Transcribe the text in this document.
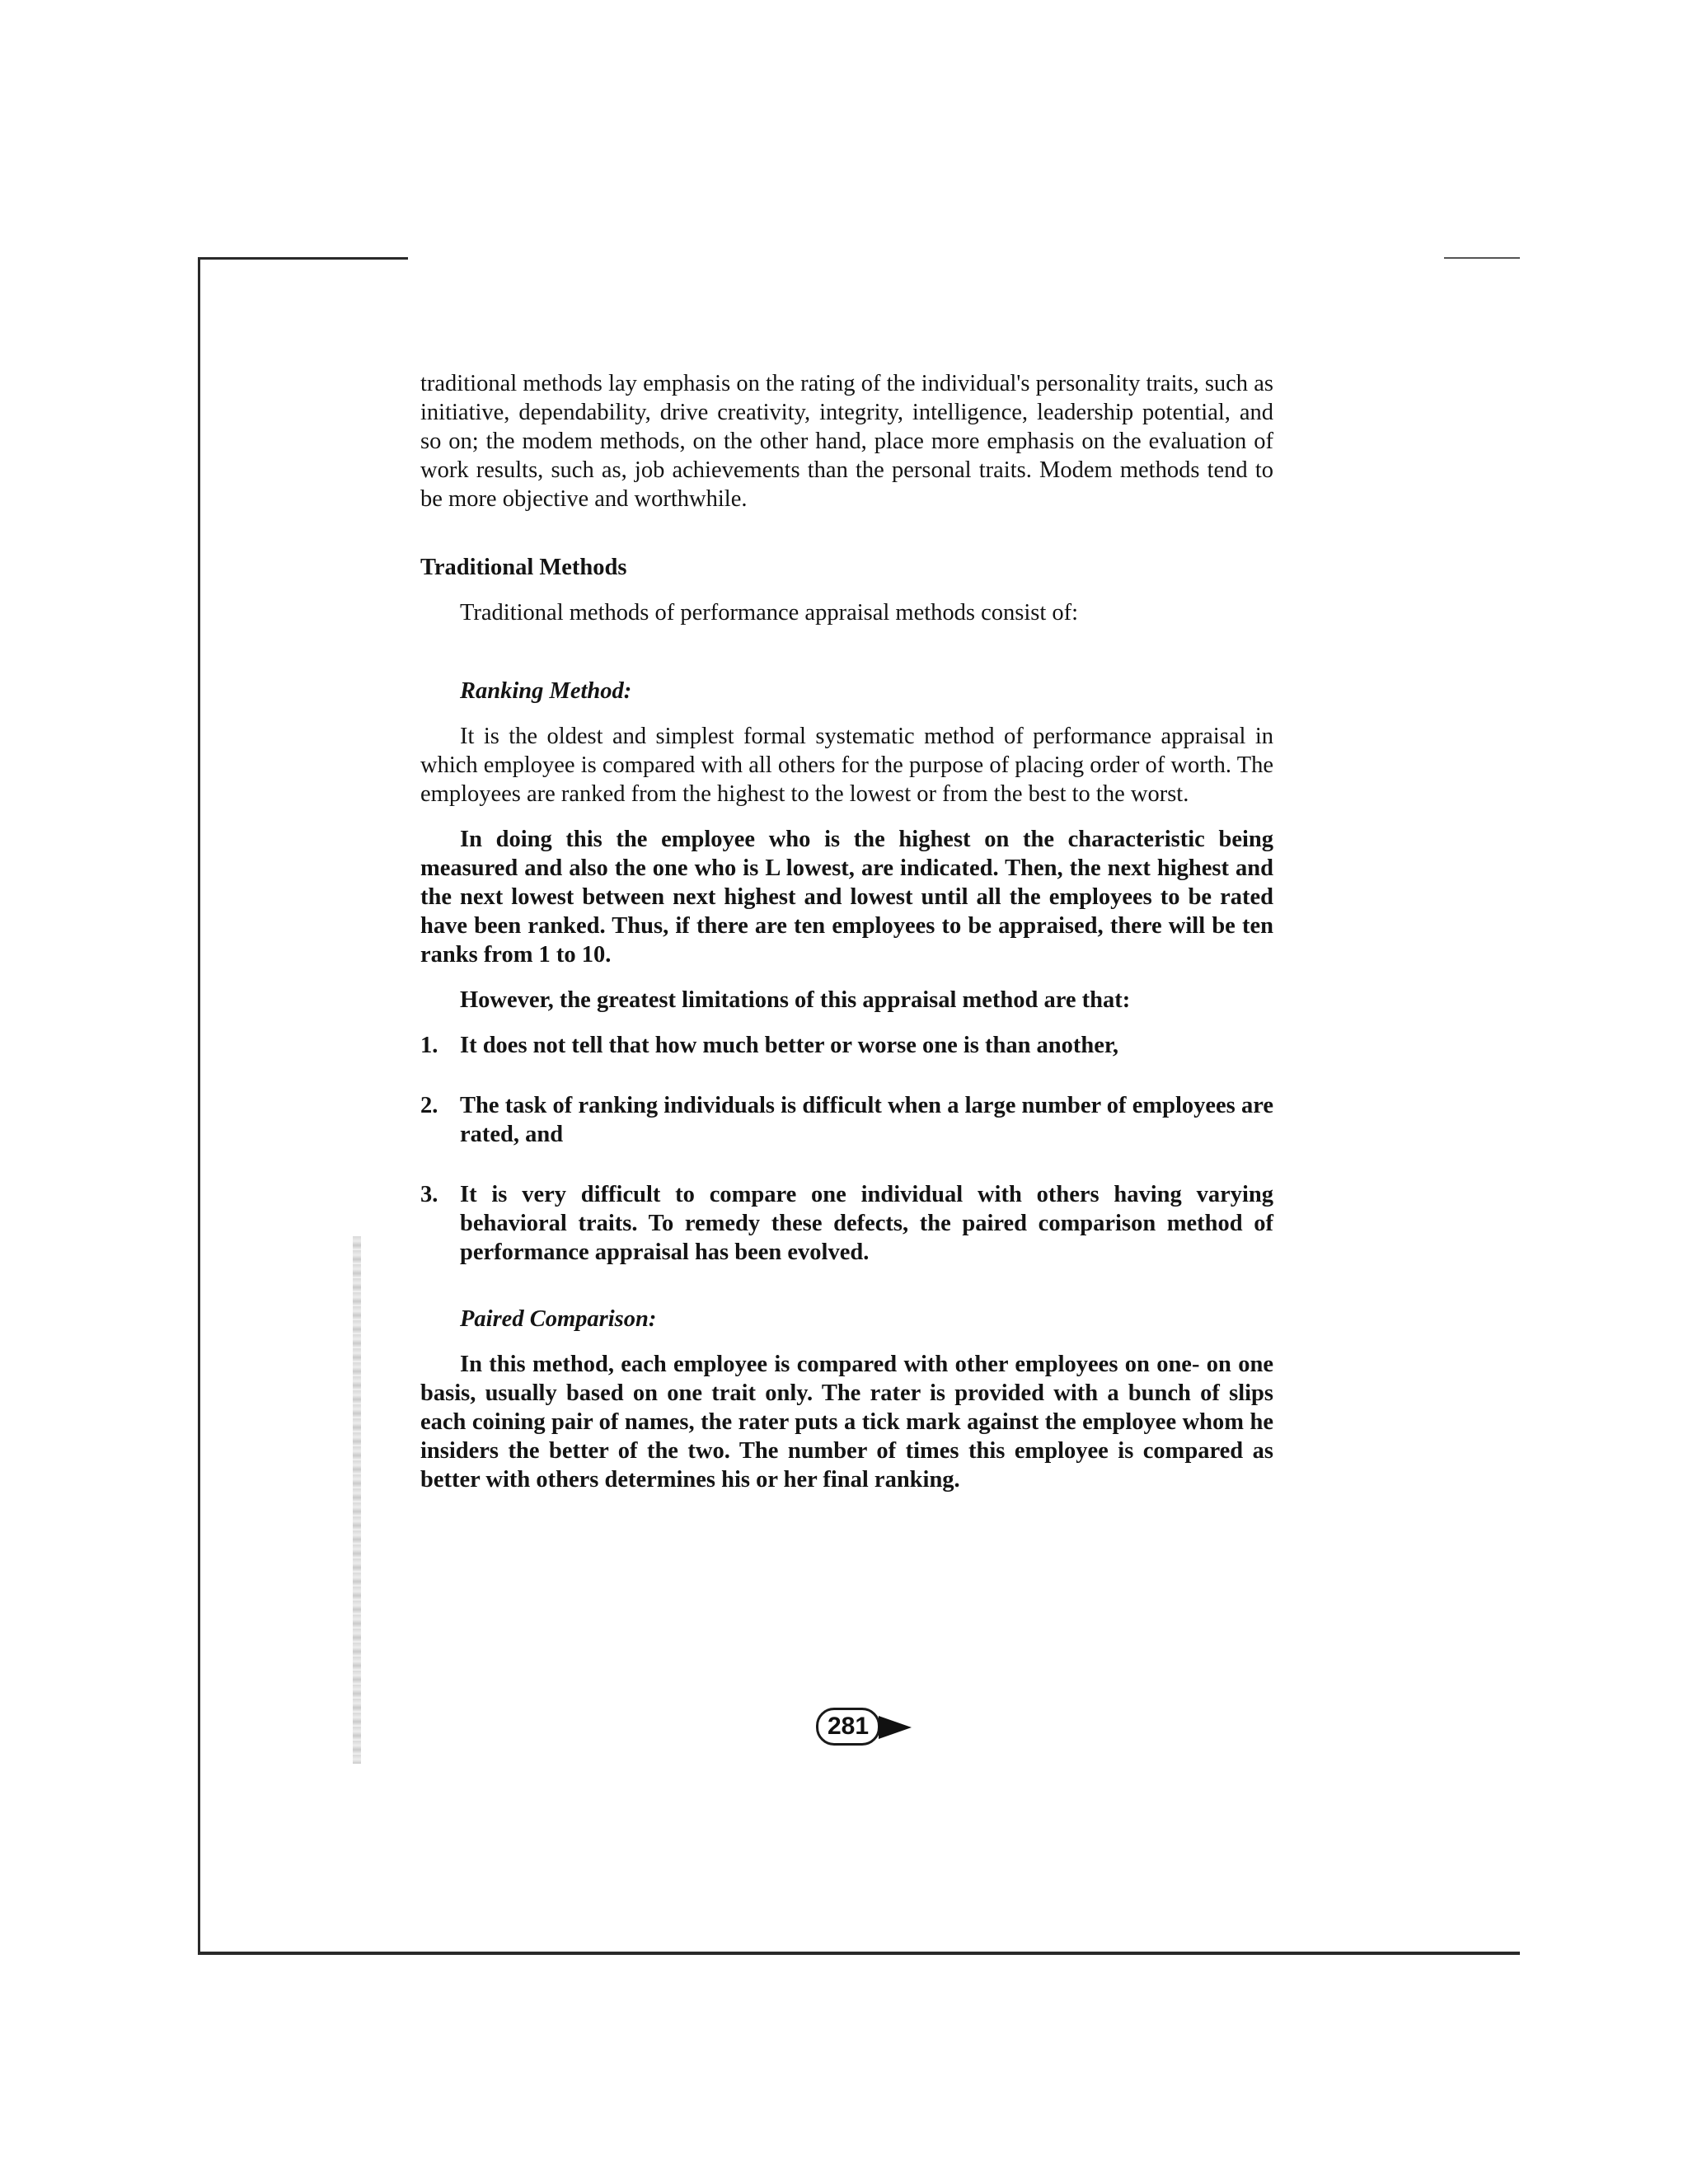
traditional methods lay emphasis on the rating of the individual's personality traits, such as initiative, dependability, drive creativity, integrity, intelligence, leadership potential, and so on; the modem methods, on the other hand, place more emphasis on the evaluation of work results, such as, job achievements than the personal traits. Modem methods tend to be more objective and worthwhile.

Traditional Methods

Traditional methods of performance appraisal methods consist of:

Ranking Method:

It is the oldest and simplest formal systematic method of performance appraisal in which employee is compared with all others for the purpose of placing order of worth. The employees are ranked from the highest to the lowest or from the best to the worst.

In doing this the employee who is the highest on the characteristic being measured and also the one who is L lowest, are indicated. Then, the next highest and the next lowest between next highest and lowest until all the employees to be rated have been ranked. Thus, if there are ten employees to be appraised, there will be ten ranks from 1 to 10.

However, the greatest limitations of this appraisal method are that:

1. It does not tell that how much better or worse one is than another,
2. The task of ranking individuals is difficult when a large number of employees are rated, and
3. It is very difficult to compare one individual with others having varying behavioral traits. To remedy these defects, the paired comparison method of performance appraisal has been evolved.

Paired Comparison:

In this method, each employee is compared with other employees on one- on one basis, usually based on one trait only. The rater is provided with a bunch of slips each coining pair of names, the rater puts a tick mark against the employee whom he insiders the better of the two. The number of times this employee is compared as better with others determines his or her final ranking.

281
